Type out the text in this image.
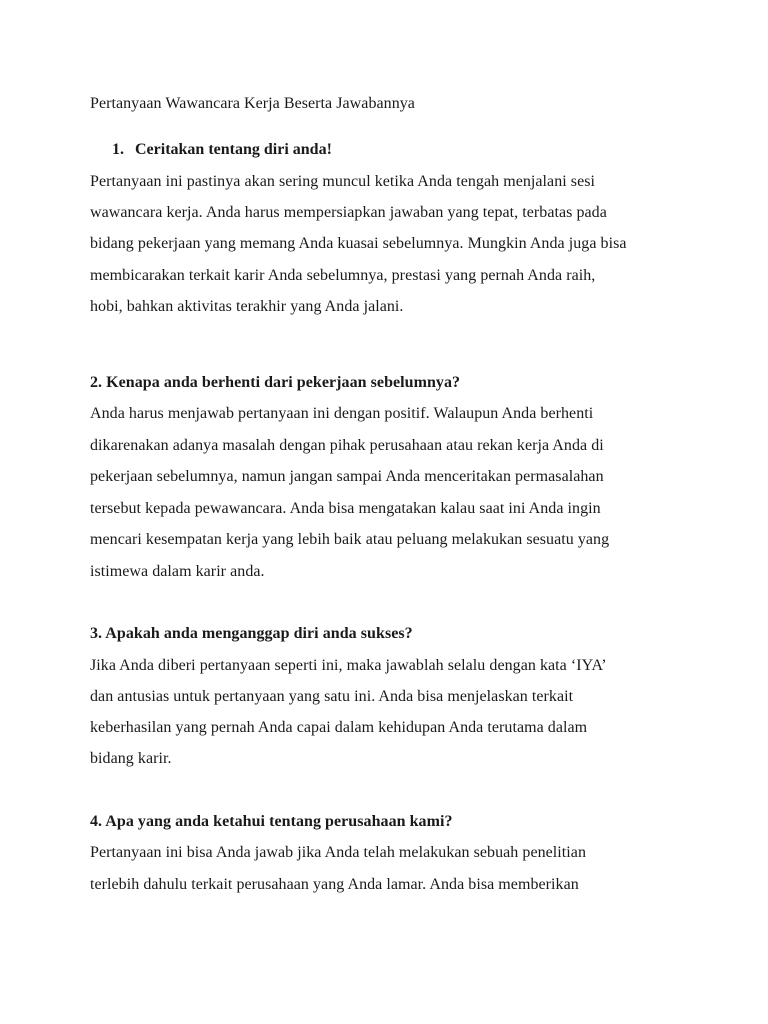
Pertanyaan Wawancara Kerja Beserta Jawabannya
1. Ceritakan tentang diri anda!
Pertanyaan ini pastinya akan sering muncul ketika Anda tengah menjalani sesi
wawancara kerja. Anda harus mempersiapkan jawaban yang tepat, terbatas pada
bidang pekerjaan yang memang Anda kuasai sebelumnya. Mungkin Anda juga bisa
membicarakan terkait karir Anda sebelumnya, prestasi yang pernah Anda raih,
hobi, bahkan aktivitas terakhir yang Anda jalani.
2. Kenapa anda berhenti dari pekerjaan sebelumnya?
Anda harus menjawab pertanyaan ini dengan positif. Walaupun Anda berhenti
dikarenakan adanya masalah dengan pihak perusahaan atau rekan kerja Anda di
pekerjaan sebelumnya, namun jangan sampai Anda menceritakan permasalahan
tersebut kepada pewawancara. Anda bisa mengatakan kalau saat ini Anda ingin
mencari kesempatan kerja yang lebih baik atau peluang melakukan sesuatu yang
istimewa dalam karir anda.
3. Apakah anda menganggap diri anda sukses?
Jika Anda diberi pertanyaan seperti ini, maka jawablah selalu dengan kata ‘IYA’
dan antusias untuk pertanyaan yang satu ini. Anda bisa menjelaskan terkait
keberhasilan yang pernah Anda capai dalam kehidupan Anda terutama dalam
bidang karir.
4. Apa yang anda ketahui tentang perusahaan kami?
Pertanyaan ini bisa Anda jawab jika Anda telah melakukan sebuah penelitian
terlebih dahulu terkait perusahaan yang Anda lamar. Anda bisa memberikan
